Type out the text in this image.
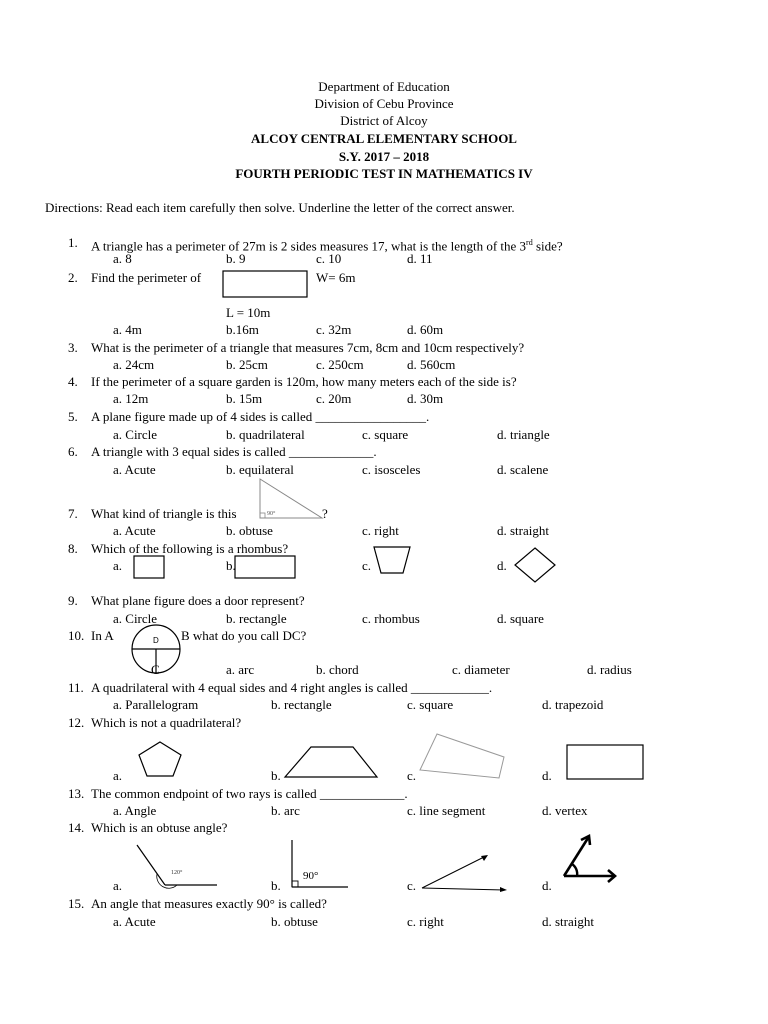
Department of Education
Division of Cebu Province
District of Alcoy
ALCOY CENTRAL ELEMENTARY SCHOOL
S.Y. 2017 – 2018
FOURTH PERIODIC TEST IN MATHEMATICS IV
Directions: Read each item carefully then solve. Underline the letter of the correct answer.
1. A triangle has a perimeter of 27m is 2 sides measures 17, what is the length of the 3rd side?
a. 8	b. 9	c. 10	d. 11
2. Find the perimeter of	W= 6m
L = 10m
a. 4m	b.16m	c. 32m	d. 60m
3. What is the perimeter of a triangle that measures 7cm, 8cm and 10cm respectively?
a. 24cm	b. 25cm	c. 250cm	d. 560cm
4. If the perimeter of a square garden is 120m, how many meters each of the side is?
a. 12m	b. 15m	c. 20m	d. 30m
5. A plane figure made up of 4 sides is called _________________.
a. Circle	b. quadrilateral	c. square	d. triangle
6. A triangle with 3 equal sides is called _____________.
a. Acute	b. equilateral	c. isosceles	d. scalene
7. What kind of triangle is this	90°	?
a. Acute	b. obtuse	c. right	d. straight
8. Which of the following is a rhombus?
a.	b.	c.	d.
9. What plane figure does a door represent?
a. Circle	b. rectangle	c. rhombus	d. square
10. In A	D B what do you call DC?
C	a. arc	b. chord	c. diameter	d. radius
11. A quadrilateral with 4 equal sides and 4 right angles is called ____________.
a. Parallelogram	b. rectangle	c. square	d. trapezoid
12. Which is not a quadrilateral?
a.	b.	c.	d.
13. The common endpoint of two rays is called _____________.
a. Angle	b. arc	c. line segment	d. vertex
14. Which is an obtuse angle?
a.
120°
b.
90°
c.	d.
15. An angle that measures exactly 90° is called?
a. Acute	b. obtuse	c. right	d. straight
